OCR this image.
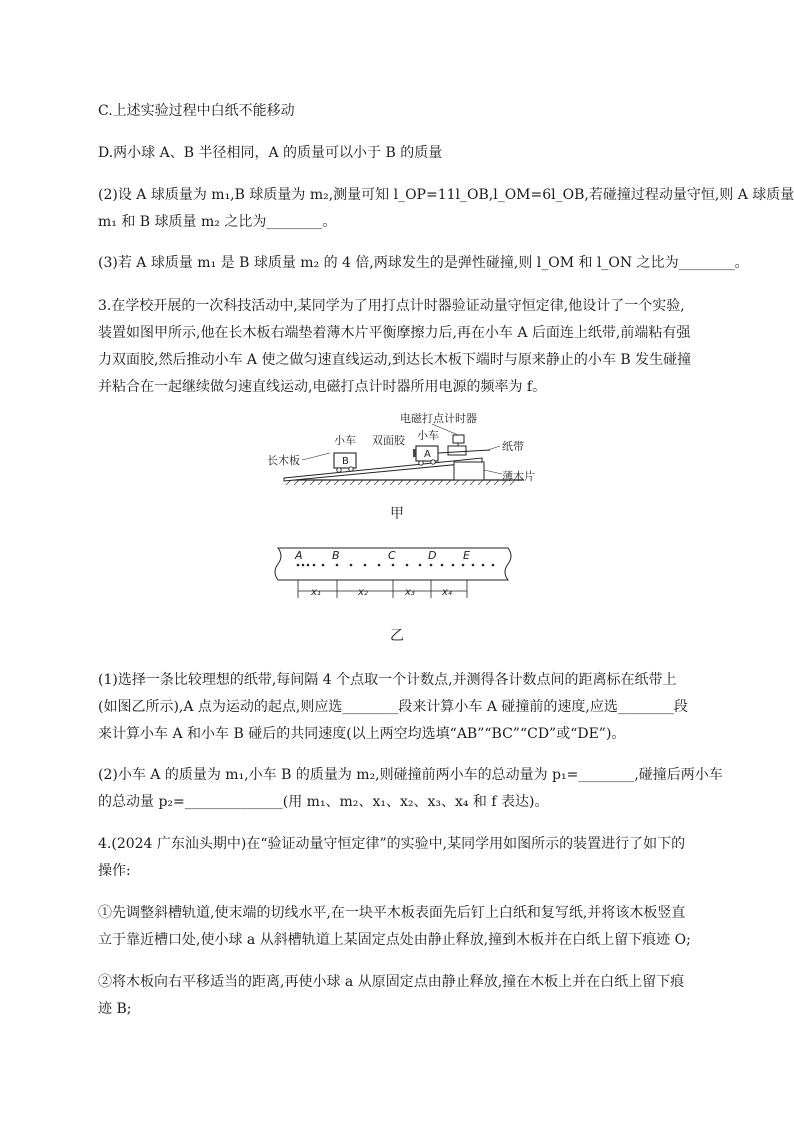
C.上述实验过程中白纸不能移动
D.两小球 A、B 半径相同，A 的质量可以小于 B 的质量
(2)设 A 球质量为 m₁,B 球质量为 m₂,测量可知 l_OP=11l_OB,l_OM=6l_OB,若碰撞过程动量守恒,则 A 球质量
m₁ 和 B 球质量 m₂ 之比为________。
(3)若 A 球质量 m₁ 是 B 球质量 m₂ 的 4 倍,两球发生的是弹性碰撞,则 l_OM 和 l_ON 之比为________。
3.在学校开展的一次科技活动中,某同学为了用打点计时器验证动量守恒定律,他设计了一个实验,
装置如图甲所示,他在长木板右端垫着薄木片平衡摩擦力后,再在小车 A 后面连上纸带,前端粘有强
力双面胶,然后推动小车 A 使之做匀速直线运动,到达长木板下端时与原来静止的小车 B 发生碰撞
并粘合在一起继续做匀速直线运动,电磁打点计时器所用电源的频率为 f。
B
A
长木板
小车 双面胶 小车
电磁打点计时器
纸带
薄木片
甲
A	B	C	D E
x₁	x₂	x₃	x₄
乙
(1)选择一条比较理想的纸带,每间隔 4 个点取一个计数点,并测得各计数点间的距离标在纸带上
(如图乙所示),A 点为运动的起点,则应选________段来计算小车 A 碰撞前的速度,应选________段
来计算小车 A 和小车 B 碰后的共同速度(以上两空均选填“AB”“BC”“CD”或“DE”)。
(2)小车 A 的质量为 m₁,小车 B 的质量为 m₂,则碰撞前两小车的总动量为 p₁=________,碰撞后两小车
的总动量 p₂=______________(用 m₁、m₂、x₁、x₂、x₃、x₄ 和 f 表达)。
4.(2024 广东汕头期中)在“验证动量守恒定律”的实验中,某同学用如图所示的装置进行了如下的
操作:
①先调整斜槽轨道,使末端的切线水平,在一块平木板表面先后钉上白纸和复写纸,并将该木板竖直
立于靠近槽口处,使小球 a 从斜槽轨道上某固定点处由静止释放,撞到木板并在白纸上留下痕迹 O;
②将木板向右平移适当的距离,再使小球 a 从原固定点由静止释放,撞在木板上并在白纸上留下痕
迹 B;
